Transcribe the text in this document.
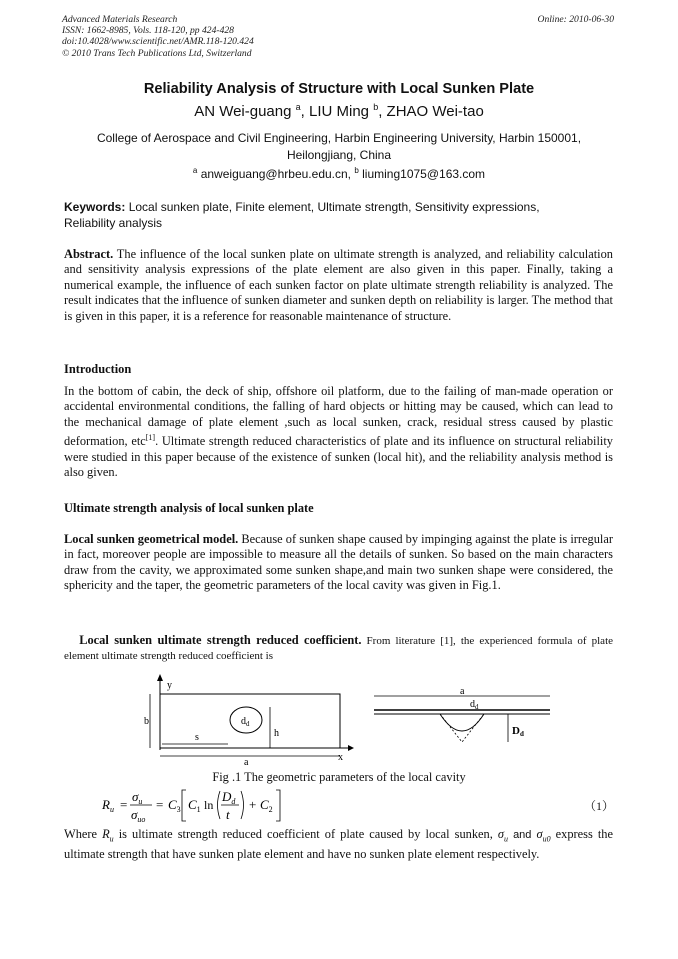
Advanced Materials Research
ISSN: 1662-8985, Vols. 118-120, pp 424-428
doi:10.4028/www.scientific.net/AMR.118-120.424
© 2010 Trans Tech Publications Ltd, Switzerland
Online: 2010-06-30
Reliability Analysis of Structure with Local Sunken Plate
AN Wei-guang $^a$, LIU Ming $^b$, ZHAO Wei-tao
College of Aerospace and Civil Engineering, Harbin Engineering University, Harbin 150001, Heilongjiang, China
$^a$ anweiguang@hrbeu.edu.cn, $^b$ liuming1075@163.com
Keywords: Local sunken plate, Finite element, Ultimate strength, Sensitivity expressions, Reliability analysis
Abstract. The influence of the local sunken plate on ultimate strength is analyzed, and reliability calculation and sensitivity analysis expressions of the plate element are also given in this paper. Finally, taking a numerical example, the influence of each sunken factor on plate ultimate strength reliability is analyzed. The result indicates that the influence of sunken diameter and sunken depth on reliability is larger. The method that is given in this paper, it is a reference for reasonable maintenance of structure.
Introduction
In the bottom of cabin, the deck of ship, offshore oil platform, due to the failing of man-made operation or accidental environmental conditions, the falling of hard objects or hitting may be caused, which can lead to the mechanical damage of plate element ,such as local sunken, crack, residual stress caused by plastic deformation, etc[1]. Ultimate strength reduced characteristics of plate and its influence on structural reliability were studied in this paper because of the existence of sunken (local hit), and the reliability analysis method is also given.
Ultimate strength analysis of local sunken plate
Local sunken geometrical model. Because of sunken shape caused by impinging against the plate is irregular in fact, moreover people are impossible to measure all the details of sunken. So based on the main characters draw from the cavity, we approximated some sunken shape,and main two sunken shape were considered, the sphericity and the taper, the geometric parameters of the local cavity was given in Fig.1.
Local sunken ultimate strength reduced coefficient. From literature [1], the experienced formula of plate element ultimate strength reduced coefficient is
y
x
b
s
$d_d$
h
a
a
$d_d$
Dd
Fig .1 The geometric parameters of the local cavity
$R_u$ =
$\sigma_u$
$\sigma_{uo}$
= $C_3$ $C_1$ ln
$D_d$
t
+ $C_2$	（1）
Where $R_u$ is ultimate strength reduced coefficient of plate caused by local sunken, $\sigma_u$ and $\sigma_{u0}$ express the ultimate strength that have sunken plate element and have no sunken plate element respectively.
